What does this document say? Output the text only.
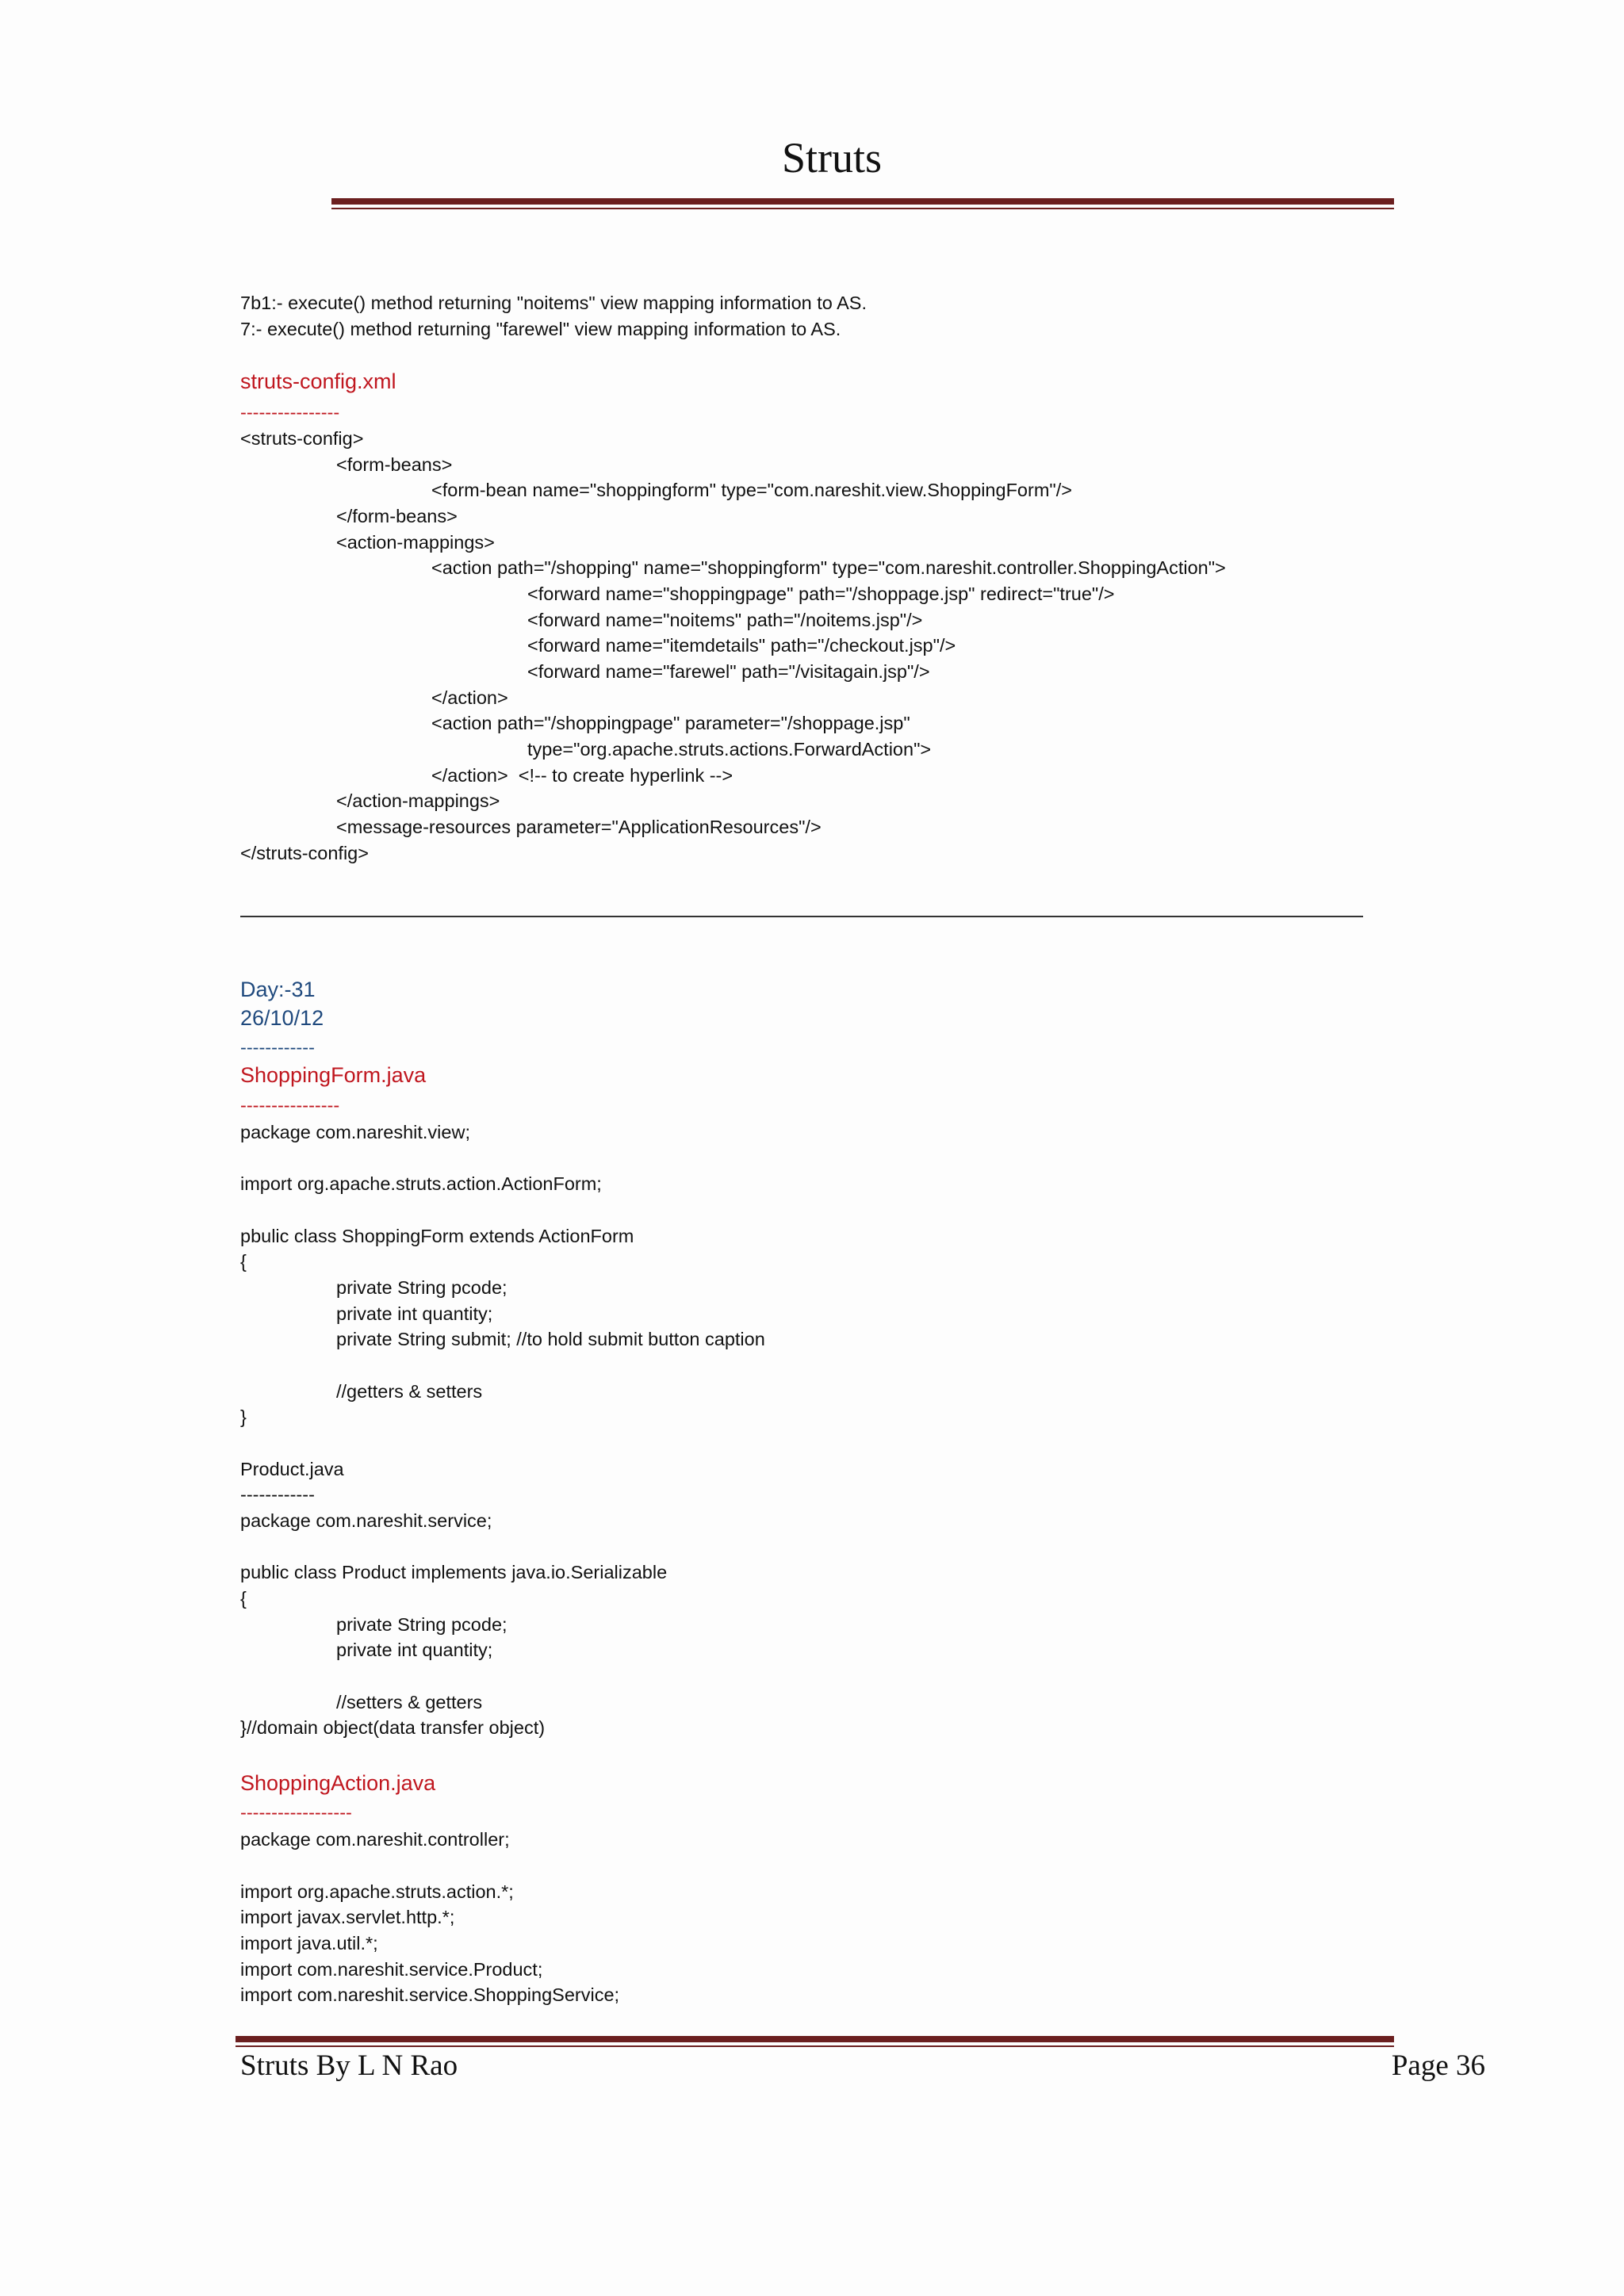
Struts
7b1:- execute() method returning "noitems" view mapping information to AS.
7:- execute() method returning "farewel" view mapping information to AS.
struts-config.xml
----------------
<struts-config>
<form-beans>
<form-bean name="shoppingform" type="com.nareshit.view.ShoppingForm"/>
</form-beans>
<action-mappings>
<action path="/shopping" name="shoppingform" type="com.nareshit.controller.ShoppingAction">
<forward name="shoppingpage" path="/shoppage.jsp" redirect="true"/>
<forward name="noitems" path="/noitems.jsp"/>
<forward name="itemdetails" path="/checkout.jsp"/>
<forward name="farewel" path="/visitagain.jsp"/>
</action>
<action path="/shoppingpage" parameter="/shoppage.jsp"
type="org.apache.struts.actions.ForwardAction">
</action>  <!-- to create hyperlink -->
</action-mappings>
<message-resources parameter="ApplicationResources"/>
</struts-config>
Day:-31
26/10/12
------------
ShoppingForm.java
----------------
package com.nareshit.view;
import org.apache.struts.action.ActionForm;
pbulic class ShoppingForm extends ActionForm
{
private String pcode;
private int quantity;
private String submit; //to hold submit button caption
//getters & setters
}
Product.java
------------
package com.nareshit.service;
public class Product implements java.io.Serializable
{
private String pcode;
private int quantity;
//setters & getters
}//domain object(data transfer object)
ShoppingAction.java
------------------
package com.nareshit.controller;
import org.apache.struts.action.*;
import javax.servlet.http.*;
import java.util.*;
import com.nareshit.service.Product;
import com.nareshit.service.ShoppingService;
Struts By L N Rao	Page 36
